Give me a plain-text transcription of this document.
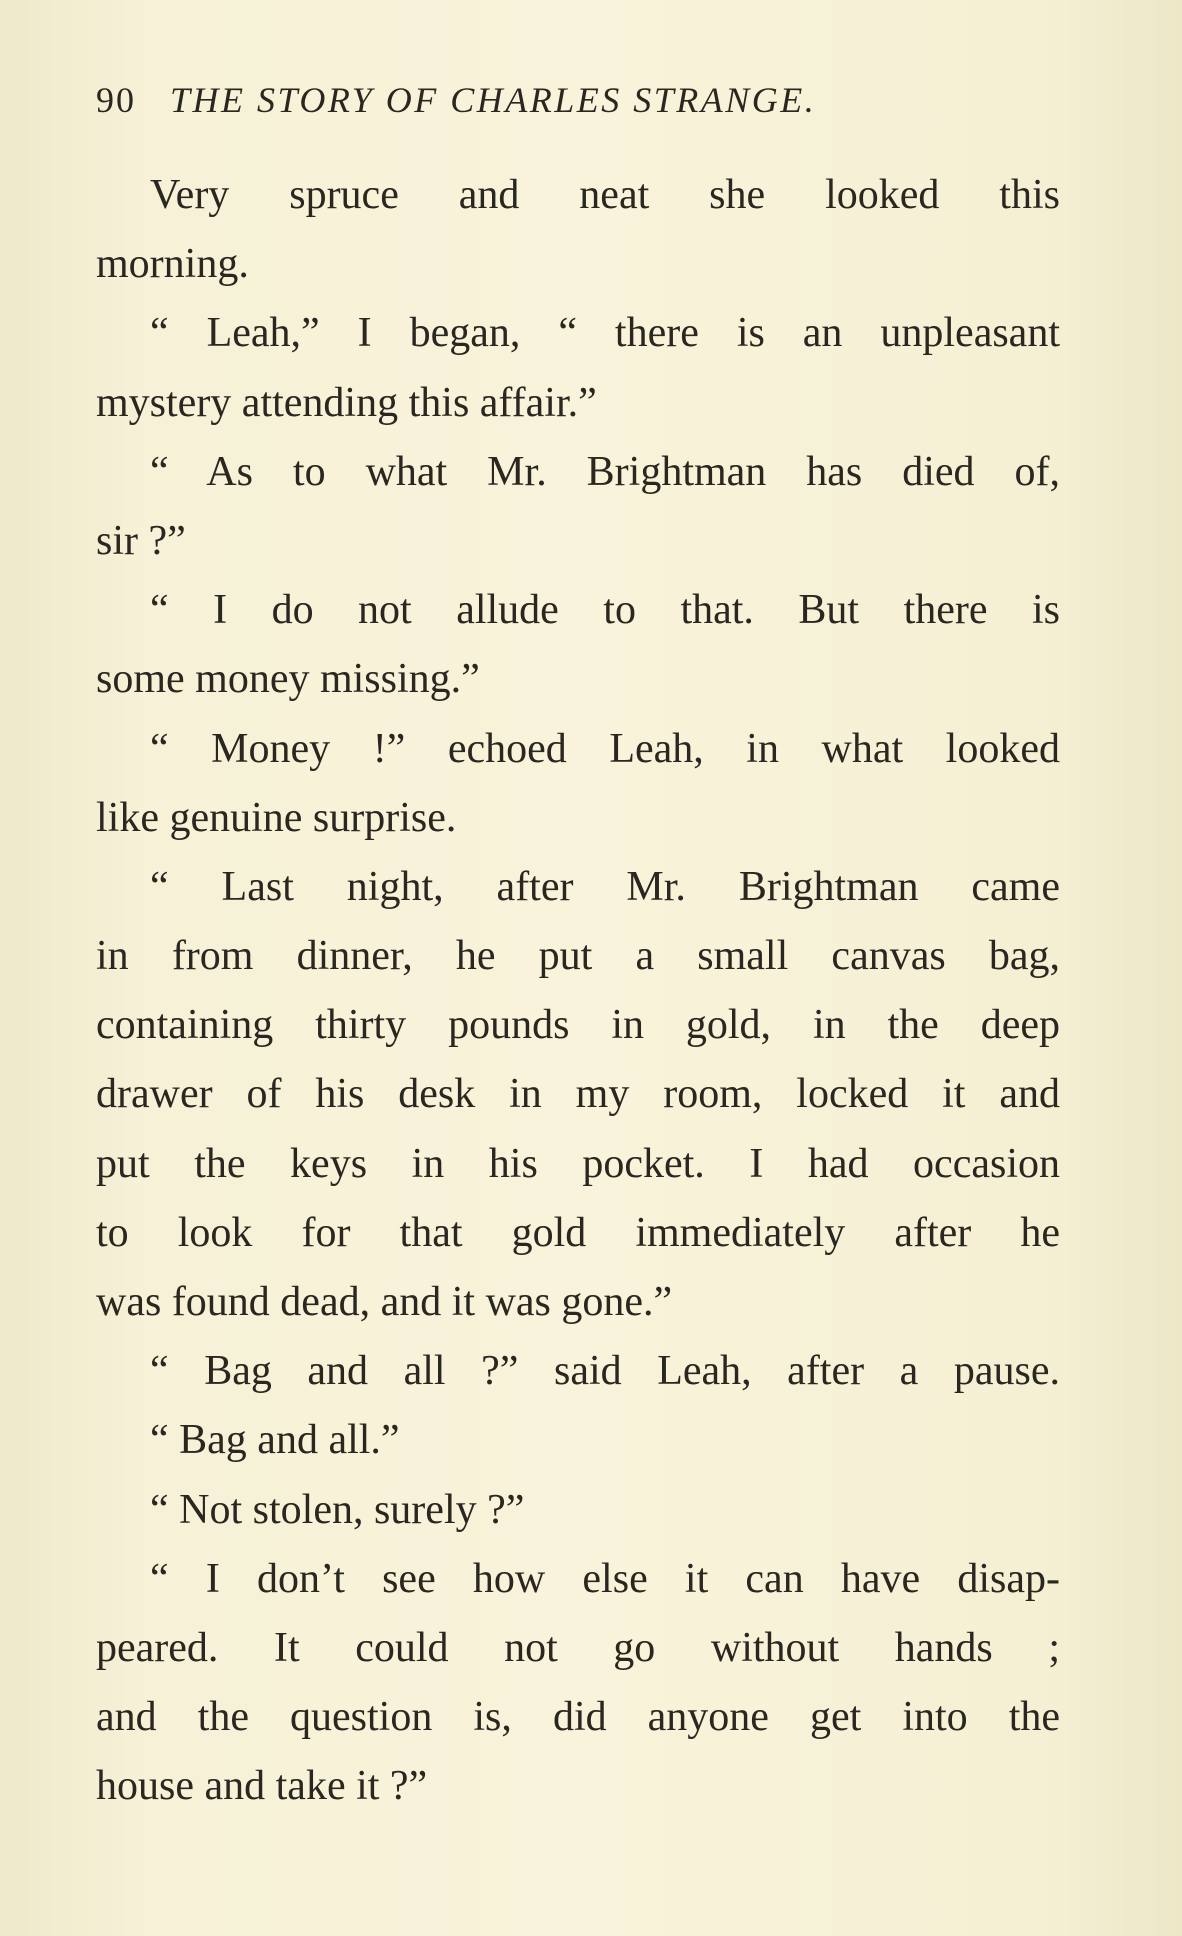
90 THE STORY OF CHARLES STRANGE.
Very spruce and neat she looked this
morning.
“ Leah,” I began, “ there is an unpleasant
mystery attending this affair.”
“ As to what Mr. Brightman has died of,
sir ?”
“ I do not allude to that. But there is
some money missing.”
“ Money !” echoed Leah, in what looked
like genuine surprise.
“ Last night, after Mr. Brightman came
in from dinner, he put a small canvas bag,
containing thirty pounds in gold, in the deep
drawer of his desk in my room, locked it and
put the keys in his pocket. I had occasion
to look for that gold immediately after he
was found dead, and it was gone.”
“ Bag and all ?” said Leah, after a pause.
“ Bag and all.”
“ Not stolen, surely ?”
“ I don’t see how else it can have disap-
peared. It could not go without hands ;
and the question is, did anyone get into the
house and take it ?”
